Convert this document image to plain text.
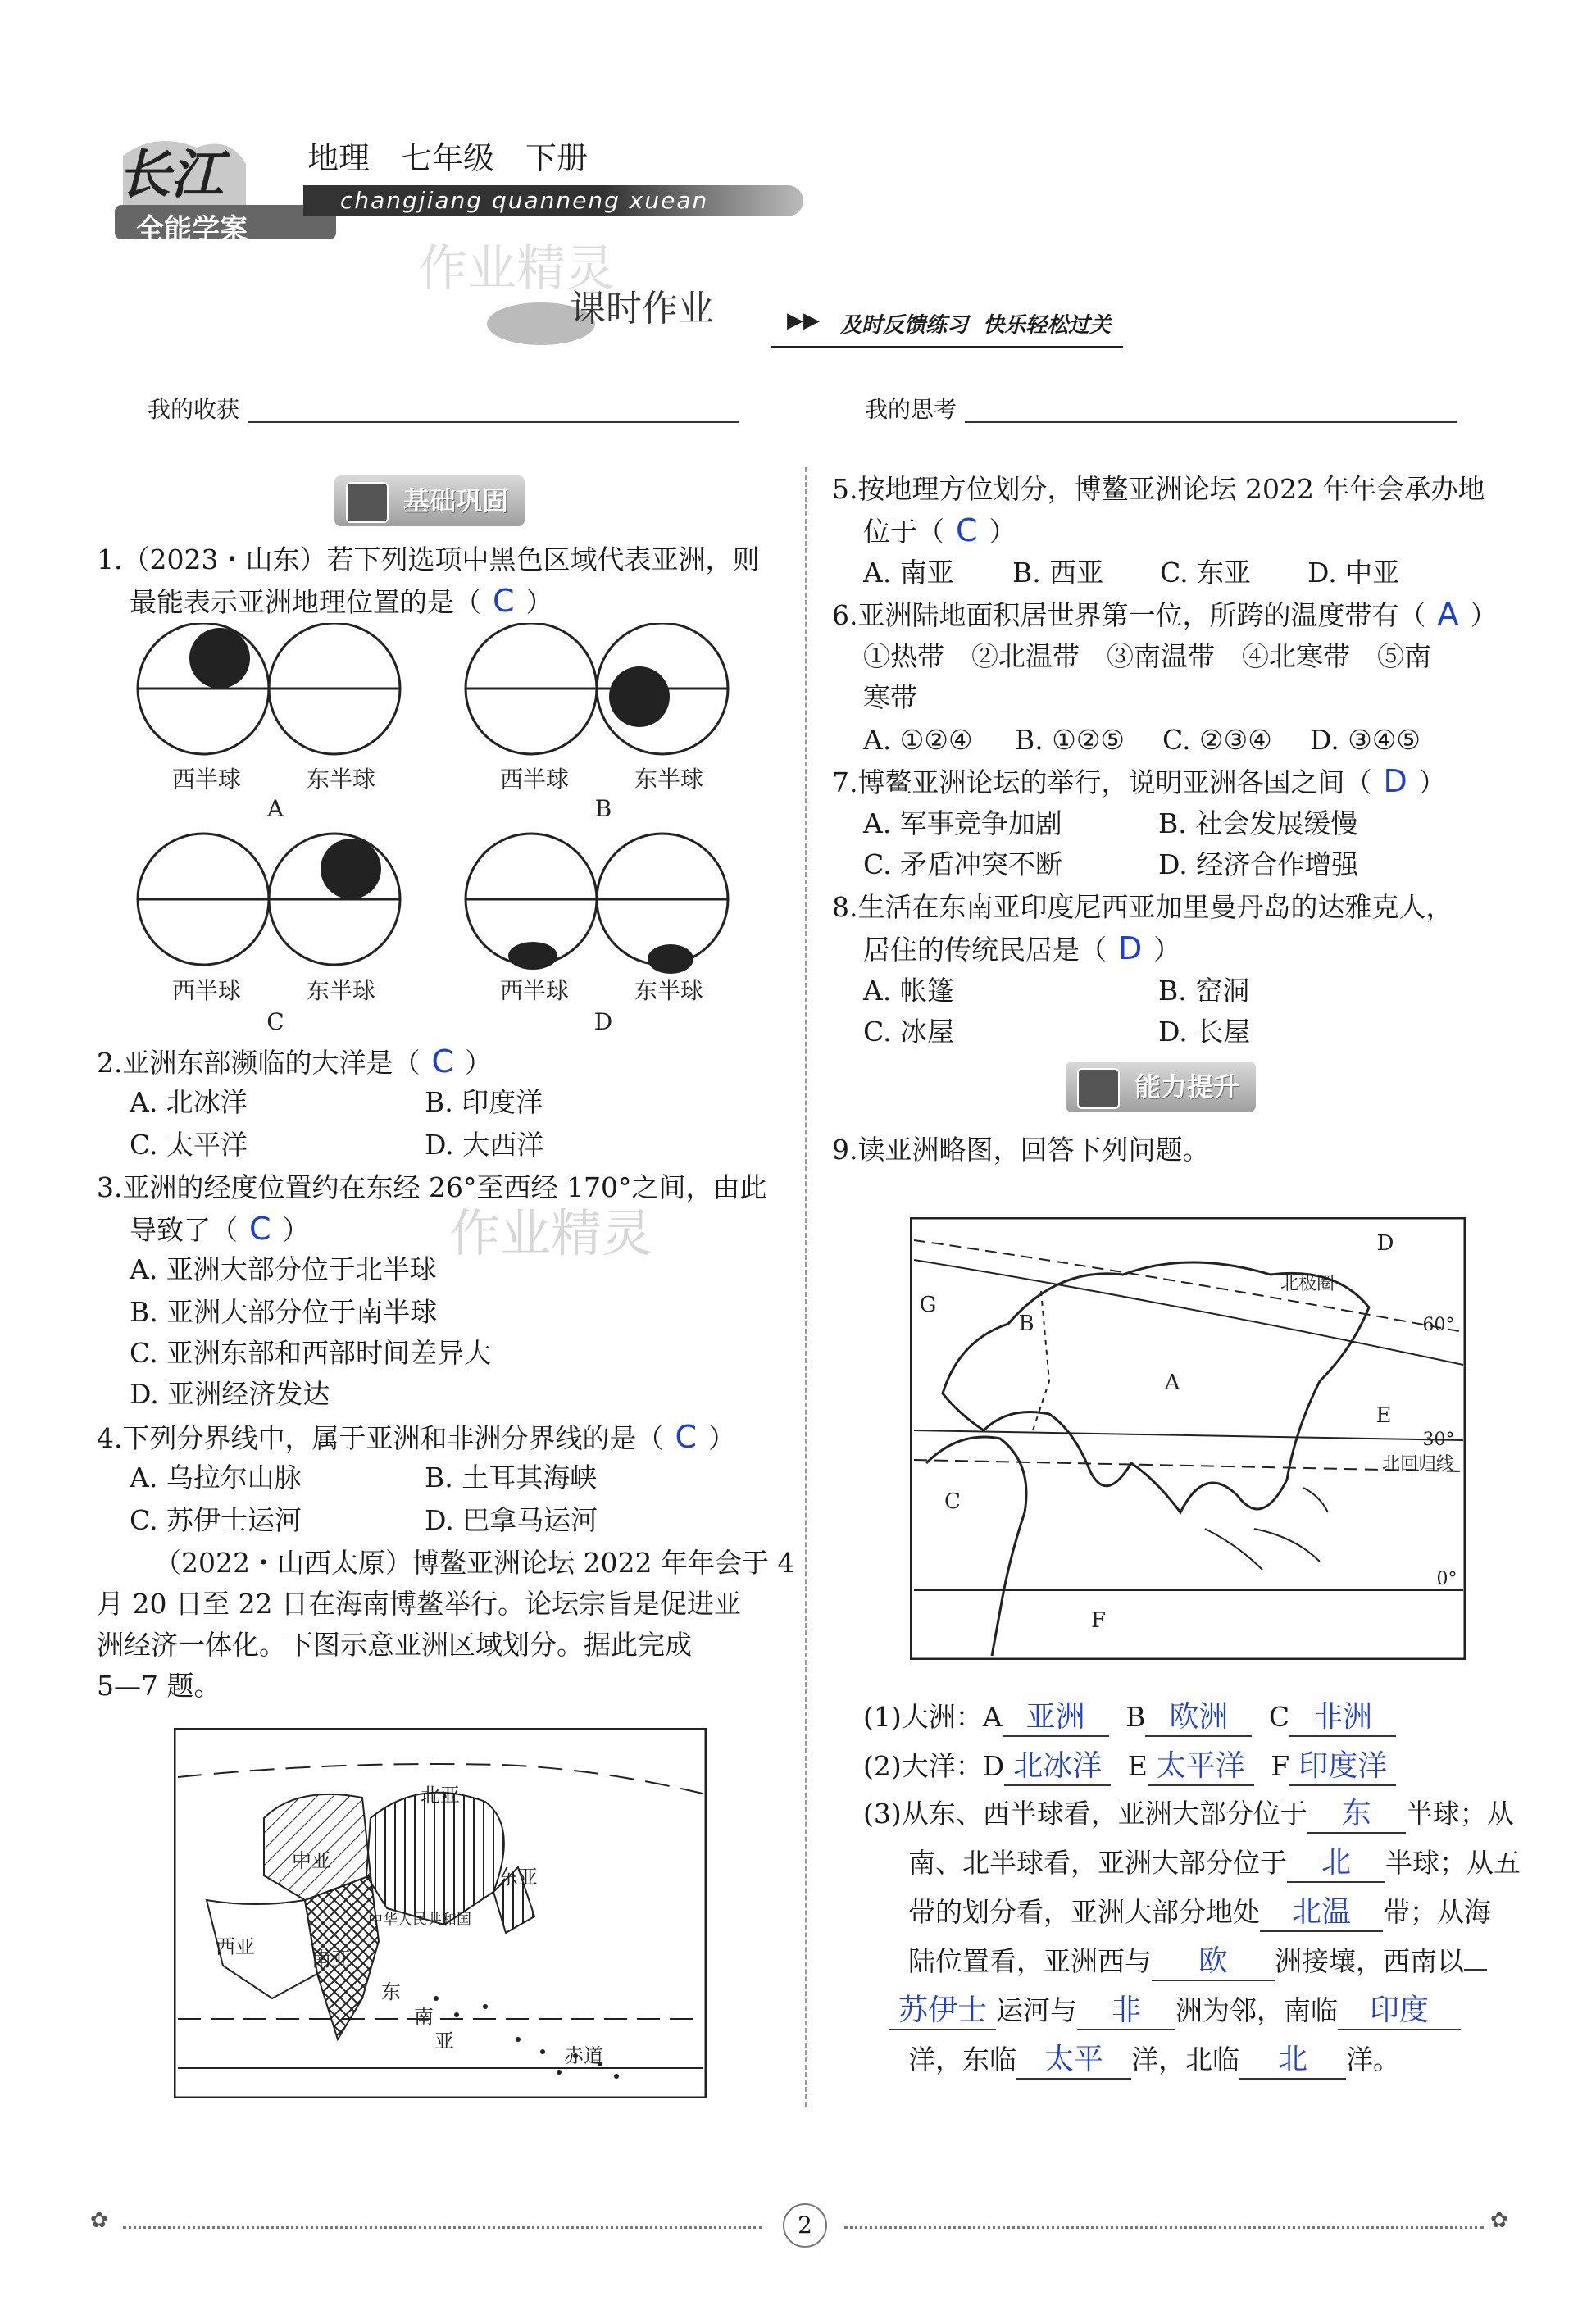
长江
全能学案
地理　七年级　下册
changjiang quanneng xuean
作业精灵
课时作业	▶▶ 及时反馈练习  快乐轻松过关
我的收获	我的思考
基础巩固
1.（2023・山东）若下列选项中黑色区域代表亚洲，则
最能表示亚洲地理位置的是（ C ）
西半球	东半球	西半球	东半球
西半球	东半球	西半球	东半球
A	B
C	D
2.亚洲东部濒临的大洋是（ C ）
A. 北冰洋	B. 印度洋
C. 太平洋	D. 大西洋
3.亚洲的经度位置约在东经 26°至西经 170°之间，由此
导致了（ C ）	作业精灵
A. 亚洲大部分位于北半球
B. 亚洲大部分位于南半球
C. 亚洲东部和西部时间差异大
D. 亚洲经济发达
4.下列分界线中，属于亚洲和非洲分界线的是（ C ）
A. 乌拉尔山脉	B. 土耳其海峡
C. 苏伊士运河	D. 巴拿马运河
（2022・山西太原）博鳌亚洲论坛 2022 年年会于 4
月 20 日至 22 日在海南博鳌举行。论坛宗旨是促进亚
洲经济一体化。下图示意亚洲区域划分。据此完成
5—7 题。
北亚
中亚
东亚
西亚
中华人民共和国
南亚
东
南
亚
赤道
5.按地理方位划分，博鳌亚洲论坛 2022 年年会承办地
位于（ C ）
A. 南亚 B. 西亚 C. 东亚 D. 中亚
6.亚洲陆地面积居世界第一位，所跨的温度带有（ A ）
①热带　②北温带　③南温带　④北寒带　⑤南
寒带
A. ①②④ B. ①②⑤ C. ②③④ D. ③④⑤
7.博鳌亚洲论坛的举行，说明亚洲各国之间（ D ）
A. 军事竞争加剧	B. 社会发展缓慢
C. 矛盾冲突不断	D. 经济合作增强
8.生活在东南亚印度尼西亚加里曼丹岛的达雅克人，
居住的传统民居是（ D ）
A. 帐篷	B. 窑洞
C. 冰屋	D. 长屋
能力提升
9.读亚洲略图，回答下列问题。
D
G
B
A
E
C
F
北极圈
60°
30°
北回归线
0°
(1)大洲：A 亚洲 B 欧洲 C 非洲
(2)大洋：D 北冰洋 E 太平洋 F 印度洋
(3)从东、西半球看，亚洲大部分位于 东 半球；从
南、北半球看，亚洲大部分位于 北 半球；从五
带的划分看，亚洲大部分地处 北温 带；从海
陆位置看，亚洲西与 欧 洲接壤，西南以
苏伊士 运河与 非 洲为邻，南临 印度
洋，东临 太平 洋，北临 北 洋。
✿	2	✿
